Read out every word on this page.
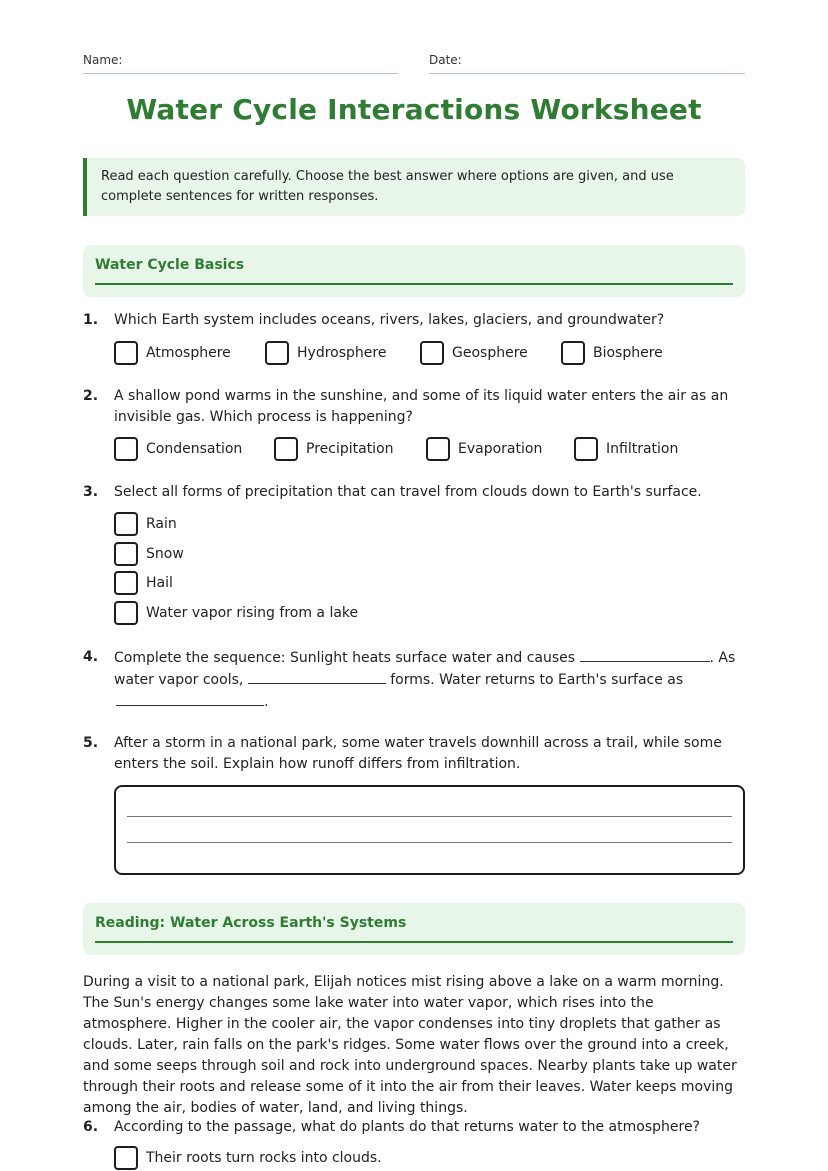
Name:	Date:
Water Cycle Interactions Worksheet
Read each question carefully. Choose the best answer where options are given, and use complete sentences for written responses.
Water Cycle Basics
1. Which Earth system includes oceans, rivers, lakes, glaciers, and groundwater?
Atmosphere	Hydrosphere	Geosphere	Biosphere
2. A shallow pond warms in the sunshine, and some of its liquid water enters the air as an invisible gas. Which process is happening?
Condensation	Precipitation	Evaporation	Infiltration
3. Select all forms of precipitation that can travel from clouds down to Earth's surface.
Rain
Snow
Hail
Water vapor rising from a lake
4. Complete the sequence: Sunlight heats surface water and causes	. As water vapor cools,	forms. Water returns to Earth's surface as
.
5. After a storm in a national park, some water travels downhill across a trail, while some enters the soil. Explain how runoff differs from infiltration.
Reading: Water Across Earth's Systems
During a visit to a national park, Elijah notices mist rising above a lake on a warm morning. The Sun's energy changes some lake water into water vapor, which rises into the atmosphere. Higher in the cooler air, the vapor condenses into tiny droplets that gather as clouds. Later, rain falls on the park's ridges. Some water flows over the ground into a creek, and some seeps through soil and rock into underground spaces. Nearby plants take up water through their roots and release some of it into the air from their leaves. Water keeps moving among the air, bodies of water, land, and living things.
6. According to the passage, what do plants do that returns water to the atmosphere?
Their roots turn rocks into clouds.
